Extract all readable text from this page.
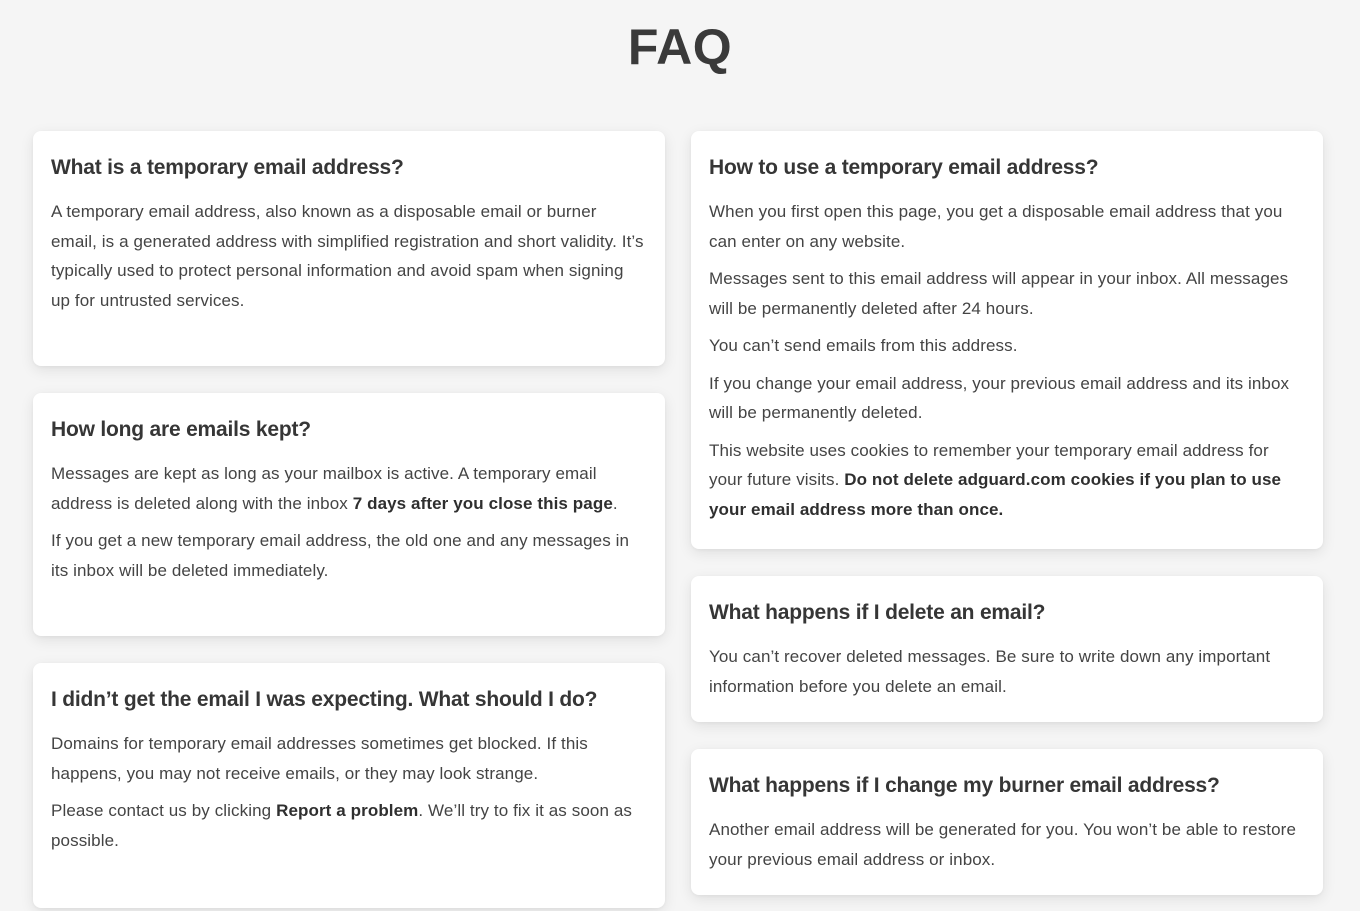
FAQ
What is a temporary email address?

A temporary email address, also known as a disposable email or burner email, is a generated address with simplified registration and short validity. It’s typically used to protect personal information and avoid spam when signing up for untrusted services.

How long are emails kept?

Messages are kept as long as your mailbox is active. A temporary email address is deleted along with the inbox 7 days after you close this page.

If you get a new temporary email address, the old one and any messages in its inbox will be deleted immediately.

I didn’t get the email I was expecting. What should I do?

Domains for temporary email addresses sometimes get blocked. If this happens, you may not receive emails, or they may look strange.

Please contact us by clicking Report a problem. We’ll try to fix it as soon as possible.

How to use a temporary email address?

When you first open this page, you get a disposable email address that you can enter on any website.

Messages sent to this email address will appear in your inbox. All messages will be permanently deleted after 24 hours.

You can’t send emails from this address.

If you change your email address, your previous email address and its inbox will be permanently deleted.

This website uses cookies to remember your temporary email address for your future visits. Do not delete adguard.com cookies if you plan to use your email address more than once.

What happens if I delete an email?

You can’t recover deleted messages. Be sure to write down any important information before you delete an email.

What happens if I change my burner email address?

Another email address will be generated for you. You won’t be able to restore your previous email address or inbox.
